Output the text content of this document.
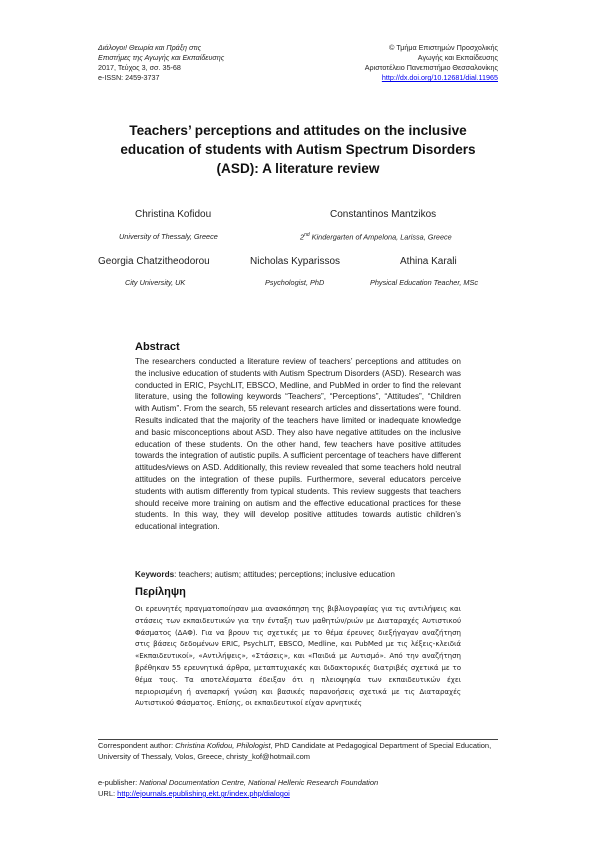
Διάλογοι! Θεωρία και Πράξη στις
Επιστήμες της Αγωγής και Εκπαίδευσης
2017, Τεύχος 3, σσ. 35-68
e-ISSN: 2459-3737
© Τμήμα Επιστημών Προσχολικής
Αγωγής και Εκπαίδευσης
Αριστοτέλειο Πανεπιστήμιο Θεσσαλονίκης
http://dx.doi.org/10.12681/dial.11965
Teachers’ perceptions and attitudes on the inclusive
education of students with Autism Spectrum Disorders
(ASD): A literature review
Christina Kofidou
University of Thessaly, Greece
Constantinos Mantzikos
2nd Kindergarten of Ampelona, Larissa, Greece
Georgia Chatzitheodorou
City University, UK
Nicholas Kyparissos
Psychologist, PhD
Athina Karali
Physical Education Teacher, MSc
Abstract
The researchers conducted a literature review of teachers’ perceptions and attitudes on the inclusive education of students with Autism Spectrum Disorders (ASD). Research was conducted in ERIC, PsychLIT, EBSCO, Medline, and PubMed in order to find the relevant literature, using the following keywords “Teachers”, “Perceptions”, “Attitudes”, “Children with Autism”. From the search, 55 relevant research articles and dissertations were found. Results indicated that the majority of the teachers have limited or inadequate knowledge and basic misconceptions about ASD. They also have negative attitudes on the inclusive education of these students. On the other hand, few teachers have positive attitudes towards the integration of autistic pupils. A sufficient percentage of teachers have different attitudes/views on ASD. Additionally, this review revealed that some teachers hold neutral attitudes on the integration of these pupils. Furthermore, several educators perceive students with autism differently from typical students. This review suggests that teachers should receive more training on autism and the effective educational practices for these students. In this way, they will develop positive attitudes towards autistic children’s educational integration.
Keywords: teachers; autism; attitudes; perceptions; inclusive education
Περίληψη
Οι ερευνητές πραγματοποίησαν μια ανασκόπηση της βιβλιογραφίας για τις αντιλήψεις και στάσεις των εκπαιδευτικών για την ένταξη των μαθητών/ριών με Διαταραχές Αυτιστικού Φάσματος (ΔΑΦ). Για να βρουν τις σχετικές με το θέμα έρευνες διεξήγαγαν αναζήτηση στις βάσεις δεδομένων ERIC, PsychLIT, EBSCO, Medline, και PubMed με τις λέξεις-κλειδιά «Εκπαιδευτικοί», «Αντιλήψεις», «Στάσεις», και «Παιδιά με Αυτισμό». Από την αναζήτηση βρέθηκαν 55 ερευνητικά άρθρα, μεταπτυχιακές και διδακτορικές διατριβές σχετικά με το θέμα τους. Τα αποτελέσματα έδειξαν ότι η πλειοψηφία των εκπαιδευτικών έχει περιορισμένη ή ανεπαρκή γνώση και βασικές παρανοήσεις σχετικά με τις Διαταραχές Αυτιστικού Φάσματος. Επίσης, οι εκπαιδευτικοί είχαν αρνητικές
Correspondent author: Christina Kofidou, Philologist, PhD Candidate at Pedagogical Department of Special Education, University of Thessaly, Volos, Greece, christy_kof@hotmail.com
e-publisher: National Documentation Centre, National Hellenic Research Foundation
URL: http://ejournals.epublishing.ekt.gr/index.php/dialogoi
